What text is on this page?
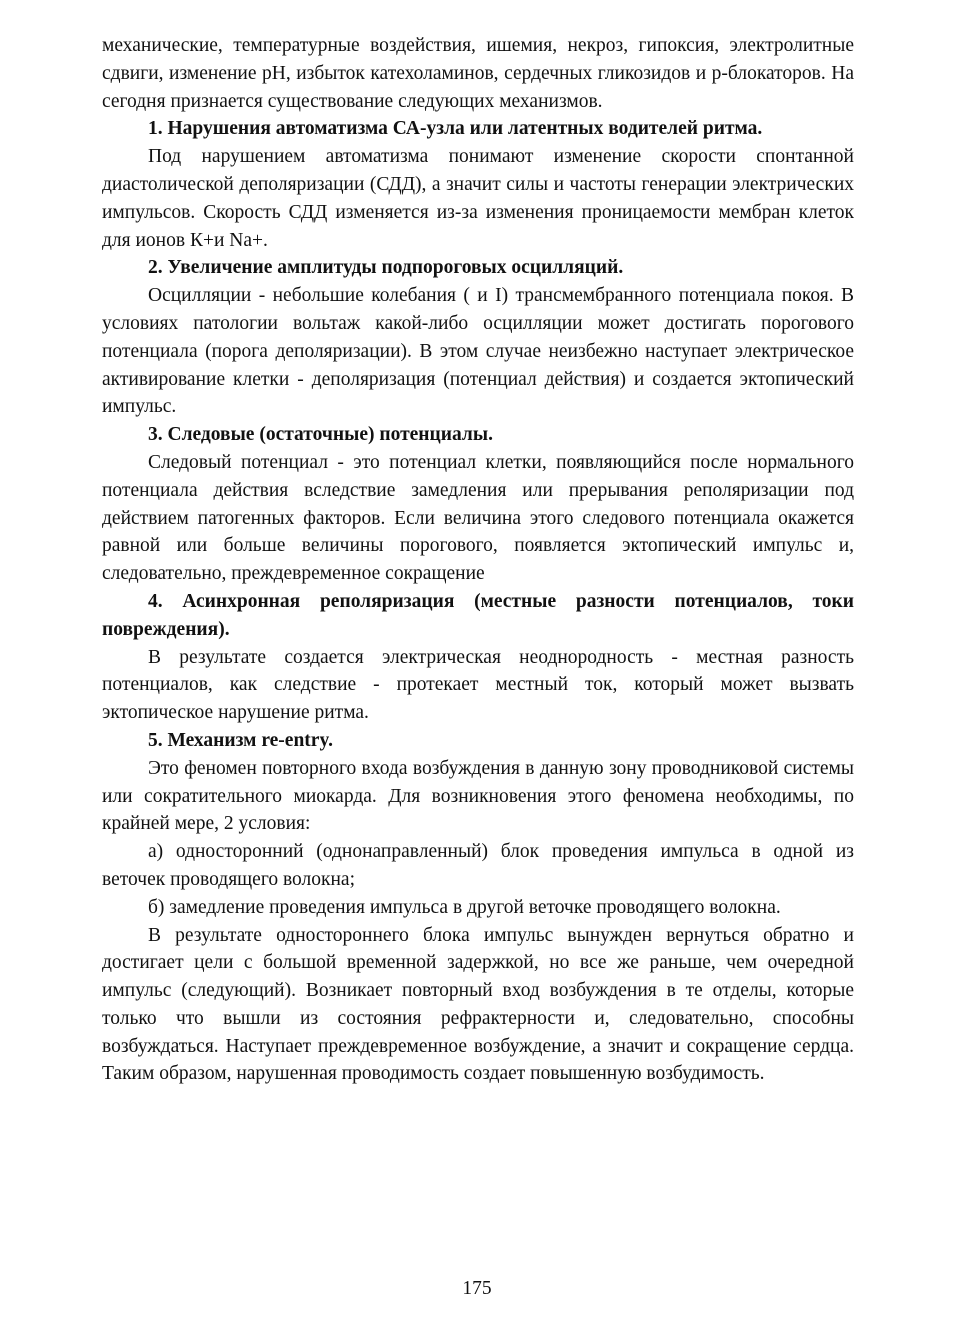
механические, температурные воздействия, ишемия, некроз, гипоксия, электролитные сдвиги, изменение pH, избыток катехоламинов, сердечных гликозидов и р-блокаторов. На сегодня признается существование следующих механизмов.

1. Нарушения автоматизма СА-узла или латентных водителей ритма.

Под нарушением автоматизма понимают изменение скорости спонтанной диастолической деполяризации (СДД), а значит силы и частоты генерации электрических импульсов. Скорость СДД изменяется из-за изменения проницаемости мембран клеток для ионов К+и Na+.

2. Увеличение амплитуды подпороговых осцилляций.

Осцилляции - небольшие колебания ( и I) трансмембранного потенциала покоя. В условиях патологии вольтаж какой-либо осцилляции может достигать порогового потенциала (порога деполяризации). В этом случае неизбежно наступает электрическое активирование клетки - деполяризация (потенциал действия) и создается эктопический импульс.

3. Следовые (остаточные) потенциалы.

Следовый потенциал - это потенциал клетки, появляющийся после нормального потенциала действия вследствие замедления или прерывания реполяризации под действием патогенных факторов. Если величина этого следового потенциала окажется равной или больше величины порогового, появляется эктопический импульс и, следовательно, преждевременное сокращение

4. Асинхронная реполяризация (местные разности потенциалов, токи повреждения).

В результате создается электрическая неоднородность - местная разность потенциалов, как следствие - протекает местный ток, который может вызвать эктопическое нарушение ритма.

5. Механизм re-entry.

Это феномен повторного входа возбуждения в данную зону проводниковой системы или сократительного миокарда. Для возникновения этого феномена необходимы, по крайней мере, 2 условия:

а) односторонний (однонаправленный) блок проведения импульса в одной из веточек проводящего волокна;

б) замедление проведения импульса в другой веточке проводящего волокна.

В результате одностороннего блока импульс вынужден вернуться обратно и достигает цели с большой временной задержкой, но все же раньше, чем очередной импульс (следующий). Возникает повторный вход возбуждения в те отделы, которые только что вышли из состояния рефрактерности и, следовательно, способны возбуждаться. Наступает преждевременное возбуждение, а значит и сокращение сердца. Таким образом, нарушенная проводимость создает повышенную возбудимость.

175
